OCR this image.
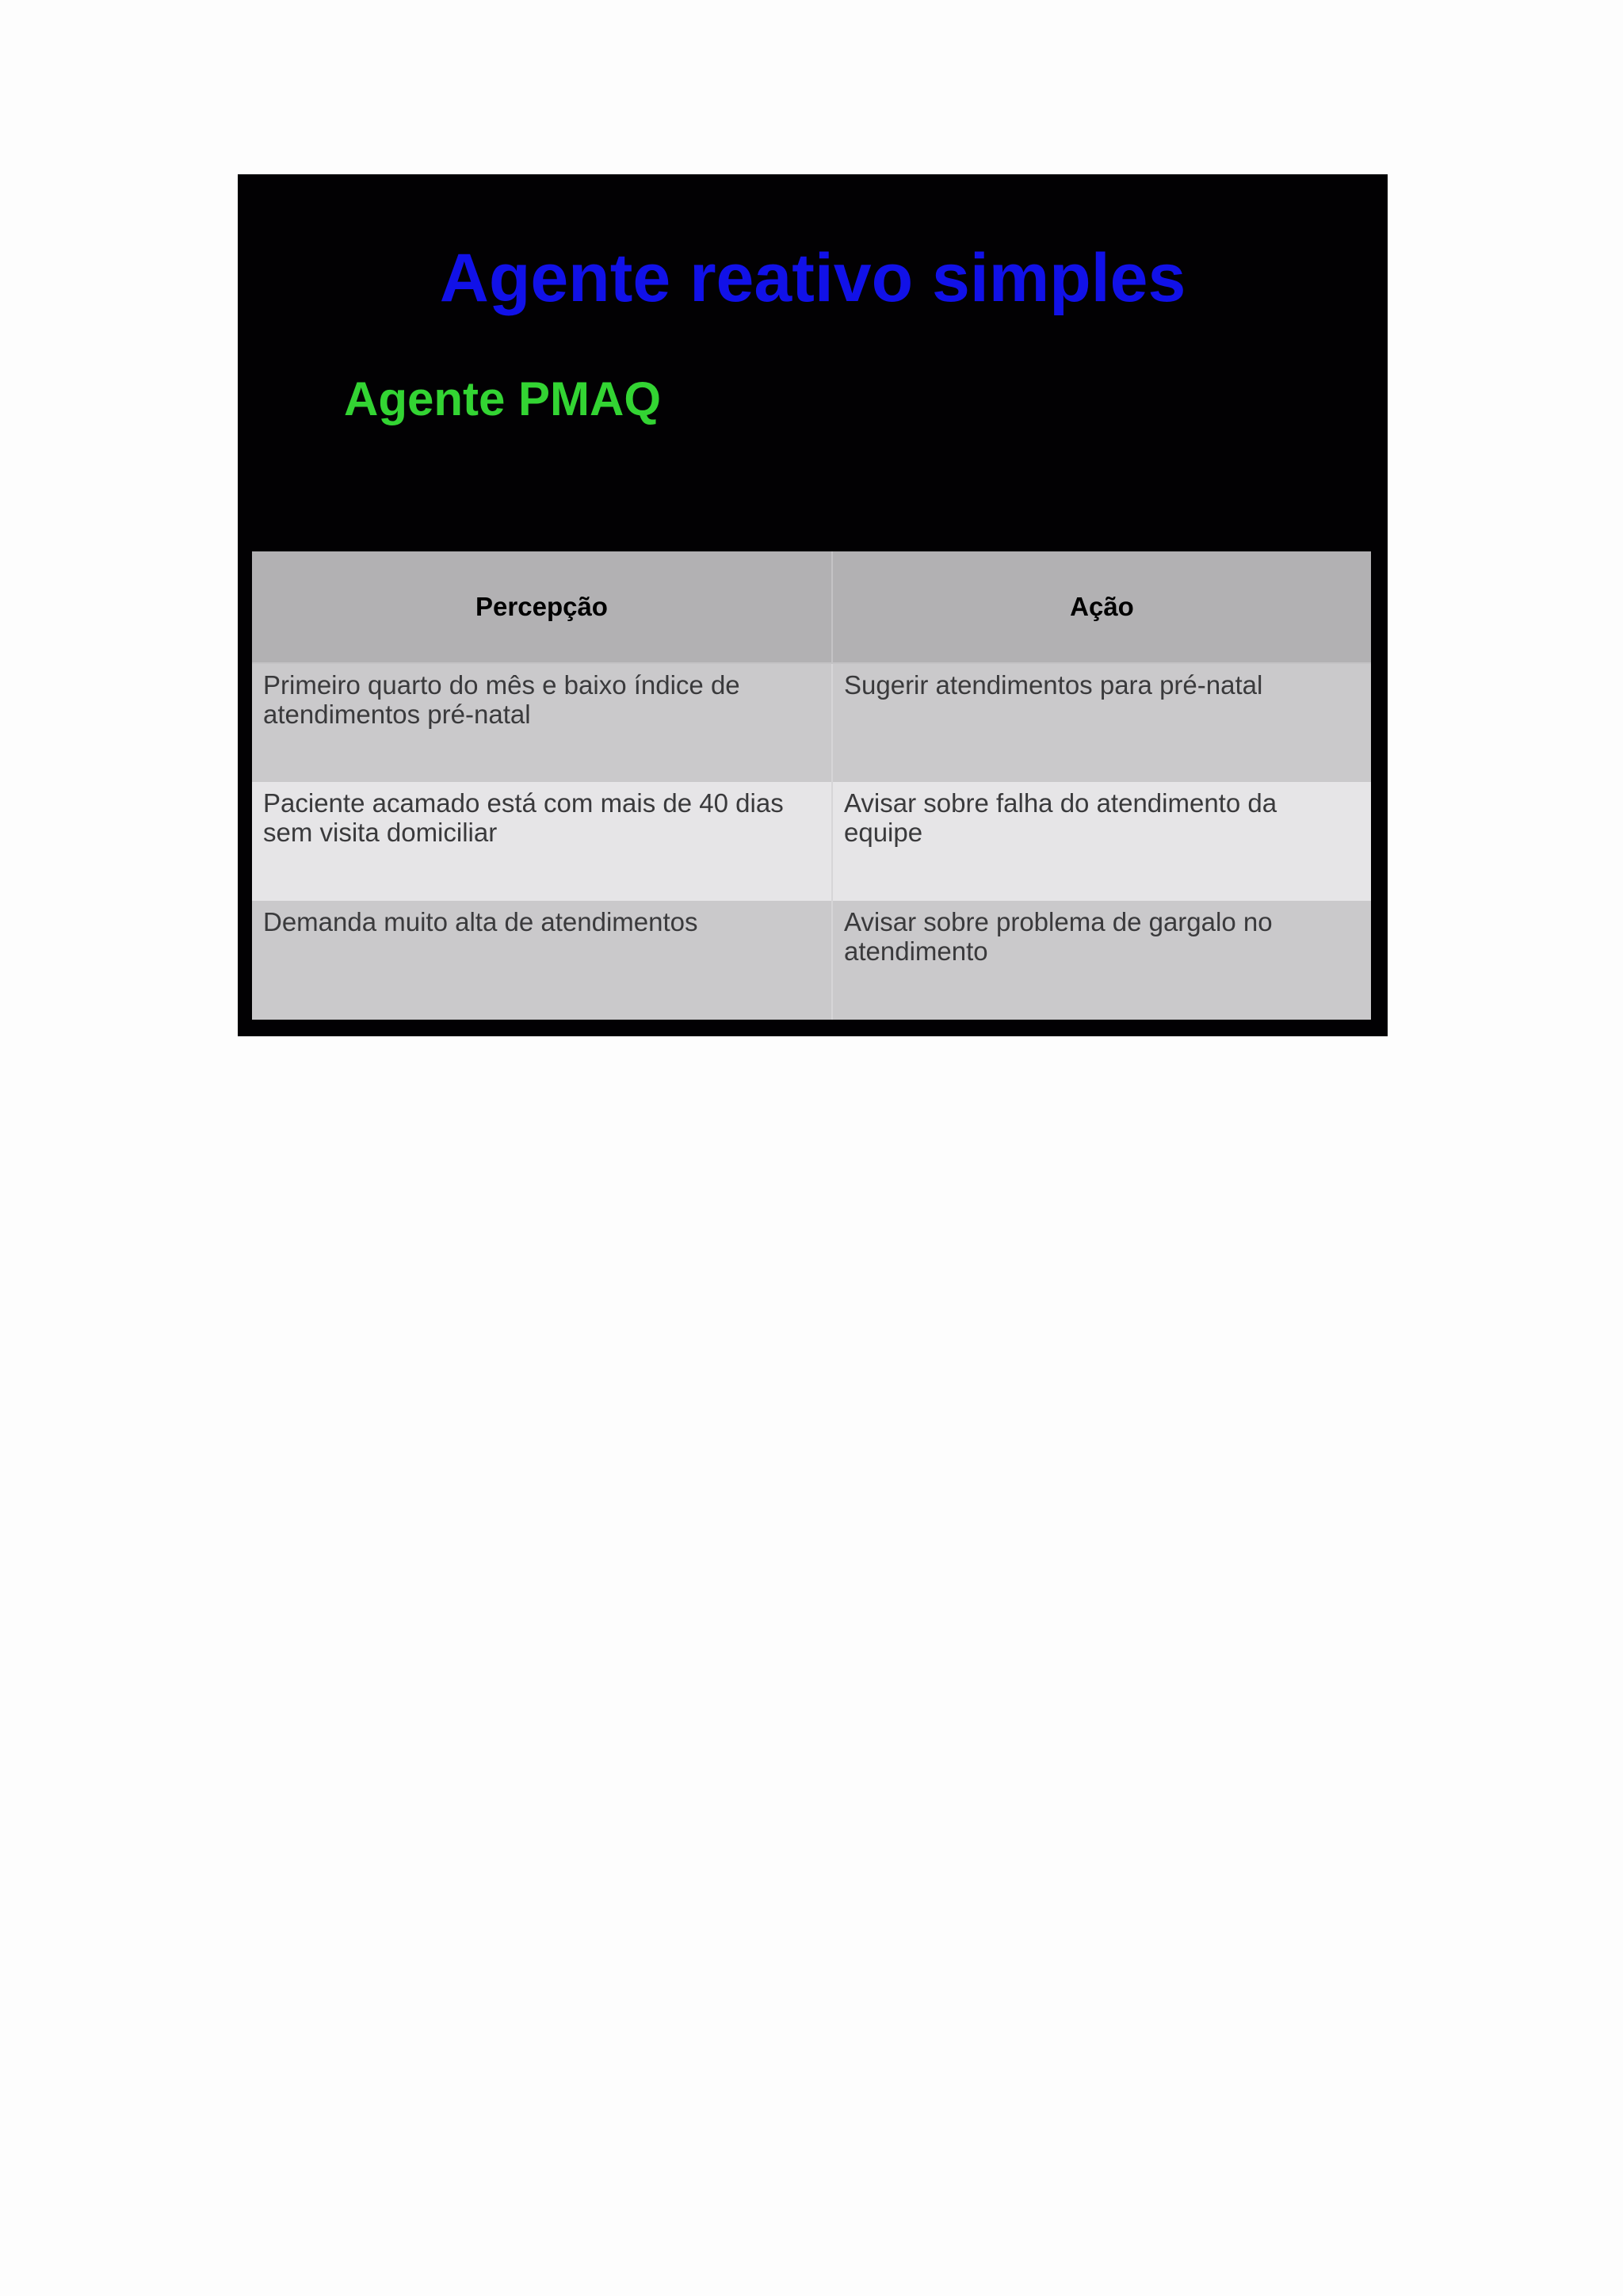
Agente reativo simples
Agente PMAQ
Percepção	Ação
Primeiro quarto do mês e baixo índice de atendimentos pré-natal	Sugerir atendimentos para pré-natal
Paciente acamado está com mais de 40 dias sem visita domiciliar	Avisar sobre falha do atendimento da equipe
Demanda muito alta de atendimentos	Avisar sobre problema de gargalo no atendimento
